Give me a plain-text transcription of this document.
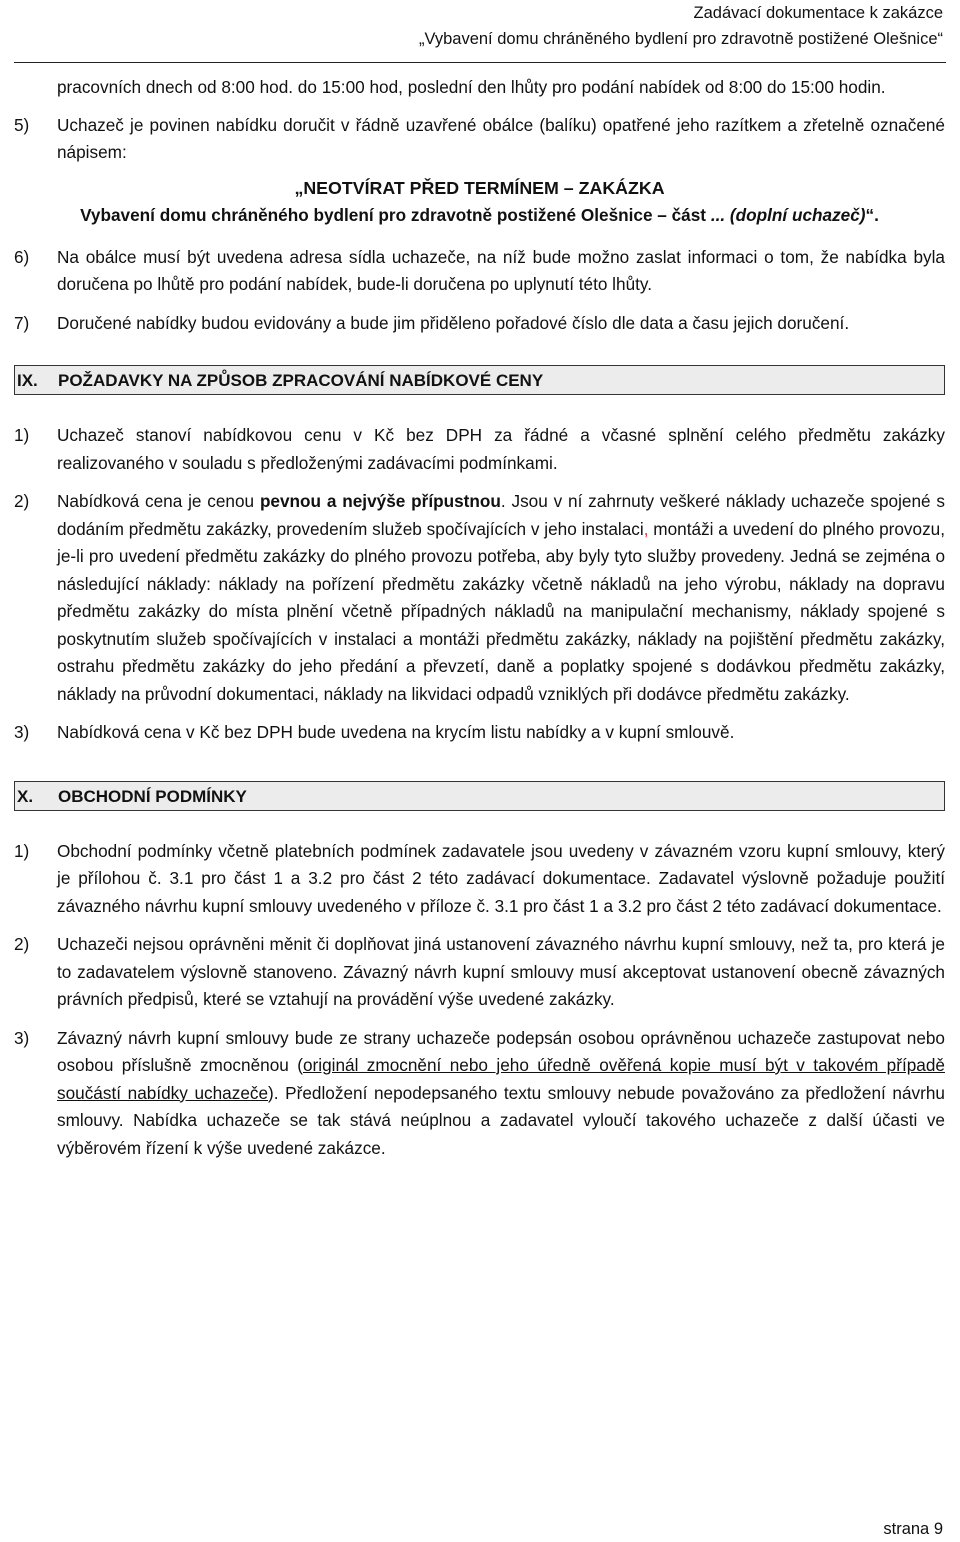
Zadávací dokumentace k zakázce
„Vybavení domu chráněného bydlení pro zdravotně postižené Olešnice“

pracovních dnech od 8:00 hod. do 15:00 hod, poslední den lhůty pro podání nabídek od 8:00 do 15:00 hodin.

5) Uchazeč je povinen nabídku doručit v řádně uzavřené obálce (balíku) opatřené jeho razítkem a zřetelně označené nápisem:

„NEOTVÍRAT PŘED TERMÍNEM – ZAKÁZKA

Vybavení domu chráněného bydlení pro zdravotně postižené Olešnice – část ... (doplní uchazeč)“.

6) Na obálce musí být uvedena adresa sídla uchazeče, na níž bude možno zaslat informaci o tom, že nabídka byla doručena po lhůtě pro podání nabídek, bude-li doručena po uplynutí této lhůty.
7) Doručené nabídky budou evidovány a bude jim přiděleno pořadové číslo dle data a času jejich doručení.
IX. POŽADAVKY NA ZPŮSOB ZPRACOVÁNÍ NABÍDKOVÉ CENY
1) Uchazeč stanoví nabídkovou cenu v Kč bez DPH za řádné a včasné splnění celého předmětu zakázky realizovaného v souladu s předloženými zadávacími podmínkami.
2) Nabídková cena je cenou pevnou a nejvýše přípustnou. Jsou v ní zahrnuty veškeré náklady uchazeče spojené s dodáním předmětu zakázky, provedením služeb spočívajících v jeho instalaci, montáži a uvedení do plného provozu, je-li pro uvedení předmětu zakázky do plného provozu potřeba, aby byly tyto služby provedeny. Jedná se zejména o následující náklady: náklady na pořízení předmětu zakázky včetně nákladů na jeho výrobu, náklady na dopravu předmětu zakázky do místa plnění včetně případných nákladů na manipulační mechanismy, náklady spojené s poskytnutím služeb spočívajících v instalaci a montáži předmětu zakázky, náklady na pojištění předmětu zakázky, ostrahu předmětu zakázky do jeho předání a převzetí, daně a poplatky spojené s dodávkou předmětu zakázky, náklady na průvodní dokumentaci, náklady na likvidaci odpadů vzniklých při dodávce předmětu zakázky.
3) Nabídková cena v Kč bez DPH bude uvedena na krycím listu nabídky a v kupní smlouvě.
X. OBCHODNÍ PODMÍNKY
1) Obchodní podmínky včetně platebních podmínek zadavatele jsou uvedeny v závazném vzoru kupní smlouvy, který je přílohou č. 3.1 pro část 1 a 3.2 pro část 2 této zadávací dokumentace. Zadavatel výslovně požaduje použití závazného návrhu kupní smlouvy uvedeného v příloze č. 3.1 pro část 1 a 3.2 pro část 2 této zadávací dokumentace.
2) Uchazeči nejsou oprávněni měnit či doplňovat jiná ustanovení závazného návrhu kupní smlouvy, než ta, pro která je to zadavatelem výslovně stanoveno. Závazný návrh kupní smlouvy musí akceptovat ustanovení obecně závazných právních předpisů, které se vztahují na provádění výše uvedené zakázky.
3) Závazný návrh kupní smlouvy bude ze strany uchazeče podepsán osobou oprávněnou uchazeče zastupovat nebo osobou příslušně zmocněnou (originál zmocnění nebo jeho úředně ověřená kopie musí být v takovém případě součástí nabídky uchazeče). Předložení nepodepsaného textu smlouvy nebude považováno za předložení návrhu smlouvy. Nabídka uchazeče se tak stává neúplnou a zadavatel vyloučí takového uchazeče z další účasti ve výběrovém řízení k výše uvedené zakázce.
strana 9
